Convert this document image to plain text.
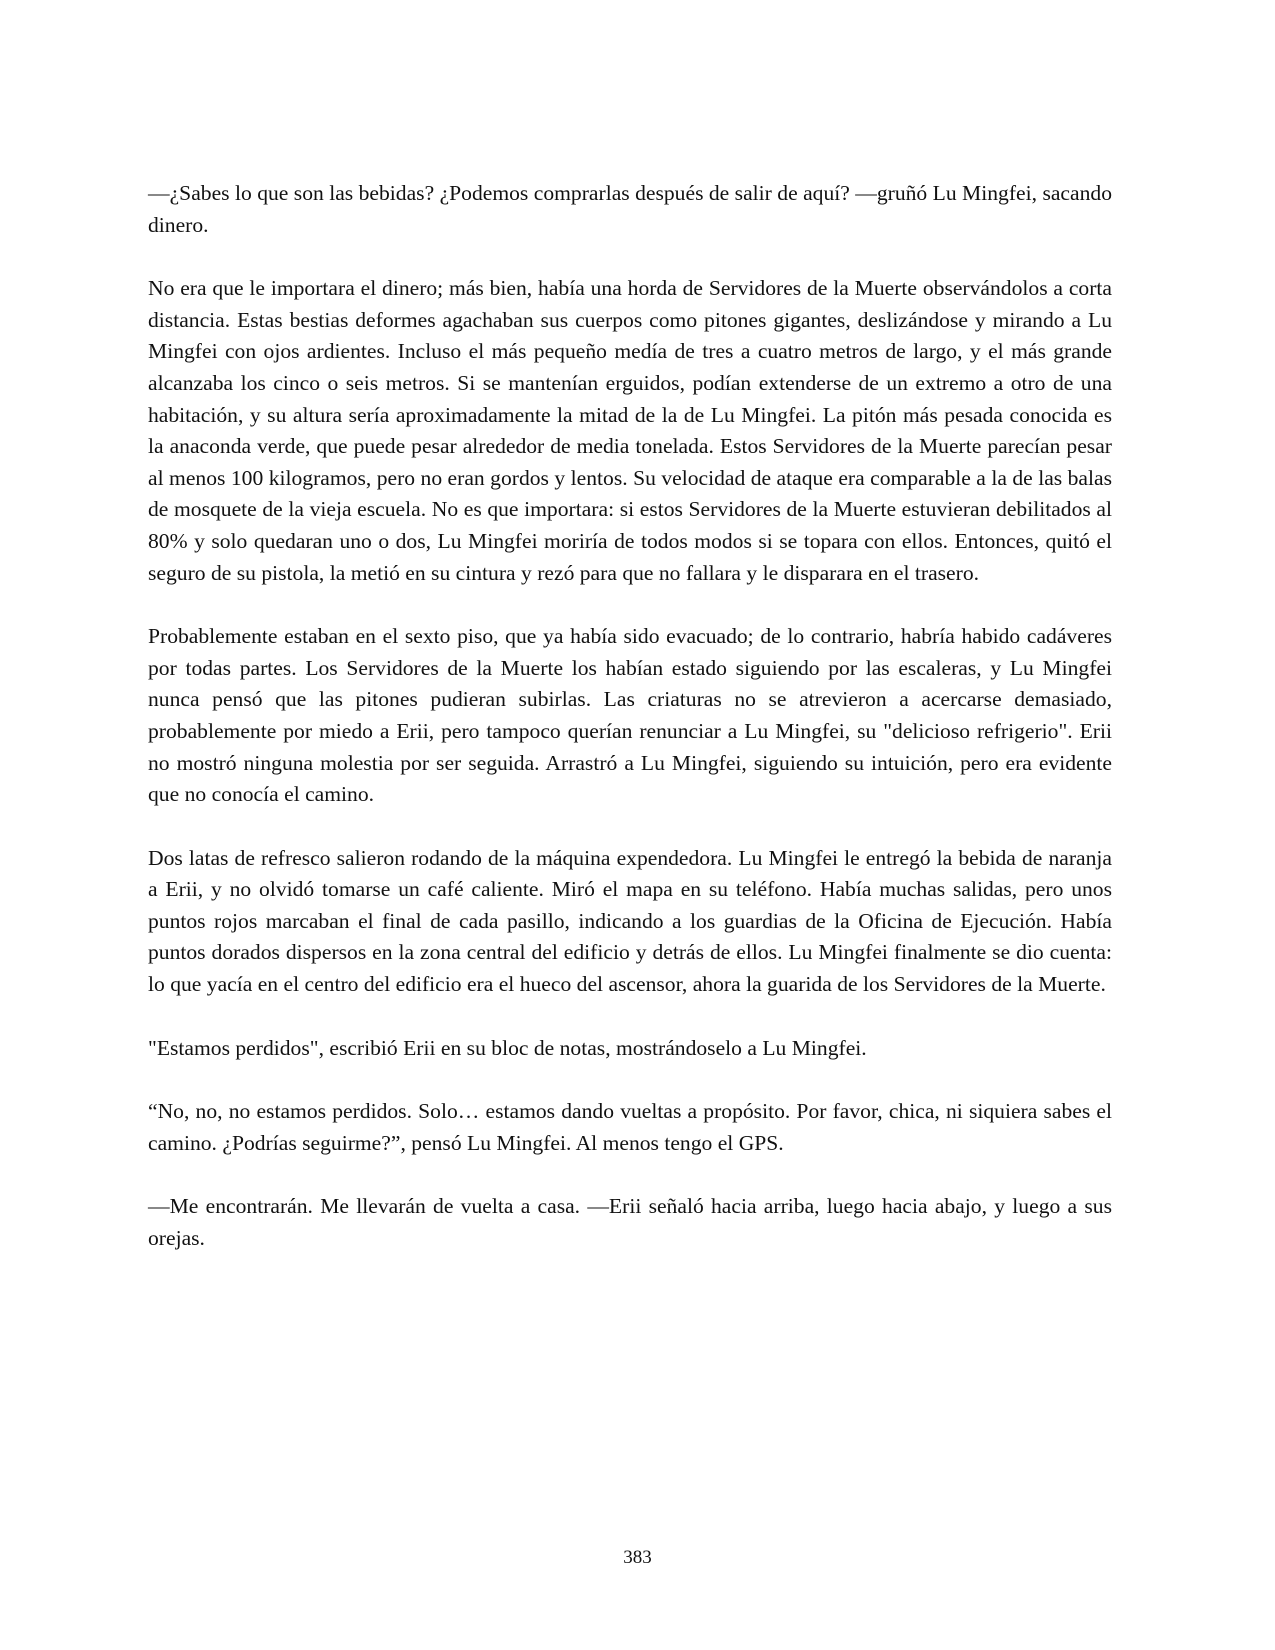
—¿Sabes lo que son las bebidas? ¿Podemos comprarlas después de salir de aquí? —gruñó Lu Mingfei, sacando dinero.

No era que le importara el dinero; más bien, había una horda de Servidores de la Muerte observándolos a corta distancia. Estas bestias deformes agachaban sus cuerpos como pitones gigantes, deslizándose y mirando a Lu Mingfei con ojos ardientes. Incluso el más pequeño medía de tres a cuatro metros de largo, y el más grande alcanzaba los cinco o seis metros. Si se mantenían erguidos, podían extenderse de un extremo a otro de una habitación, y su altura sería aproximadamente la mitad de la de Lu Mingfei. La pitón más pesada conocida es la anaconda verde, que puede pesar alrededor de media tonelada. Estos Servidores de la Muerte parecían pesar al menos 100 kilogramos, pero no eran gordos y lentos. Su velocidad de ataque era comparable a la de las balas de mosquete de la vieja escuela. No es que importara: si estos Servidores de la Muerte estuvieran debilitados al 80% y solo quedaran uno o dos, Lu Mingfei moriría de todos modos si se topara con ellos. Entonces, quitó el seguro de su pistola, la metió en su cintura y rezó para que no fallara y le disparara en el trasero.

Probablemente estaban en el sexto piso, que ya había sido evacuado; de lo contrario, habría habido cadáveres por todas partes. Los Servidores de la Muerte los habían estado siguiendo por las escaleras, y Lu Mingfei nunca pensó que las pitones pudieran subirlas. Las criaturas no se atrevieron a acercarse demasiado, probablemente por miedo a Erii, pero tampoco querían renunciar a Lu Mingfei, su "delicioso refrigerio". Erii no mostró ninguna molestia por ser seguida. Arrastró a Lu Mingfei, siguiendo su intuición, pero era evidente que no conocía el camino.

Dos latas de refresco salieron rodando de la máquina expendedora. Lu Mingfei le entregó la bebida de naranja a Erii, y no olvidó tomarse un café caliente. Miró el mapa en su teléfono. Había muchas salidas, pero unos puntos rojos marcaban el final de cada pasillo, indicando a los guardias de la Oficina de Ejecución. Había puntos dorados dispersos en la zona central del edificio y detrás de ellos. Lu Mingfei finalmente se dio cuenta: lo que yacía en el centro del edificio era el hueco del ascensor, ahora la guarida de los Servidores de la Muerte.

"Estamos perdidos", escribió Erii en su bloc de notas, mostrándoselo a Lu Mingfei.

“No, no, no estamos perdidos. Solo… estamos dando vueltas a propósito. Por favor, chica, ni siquiera sabes el camino. ¿Podrías seguirme?”, pensó Lu Mingfei. Al menos tengo el GPS.

—Me encontrarán. Me llevarán de vuelta a casa. —Erii señaló hacia arriba, luego hacia abajo, y luego a sus orejas.

383
